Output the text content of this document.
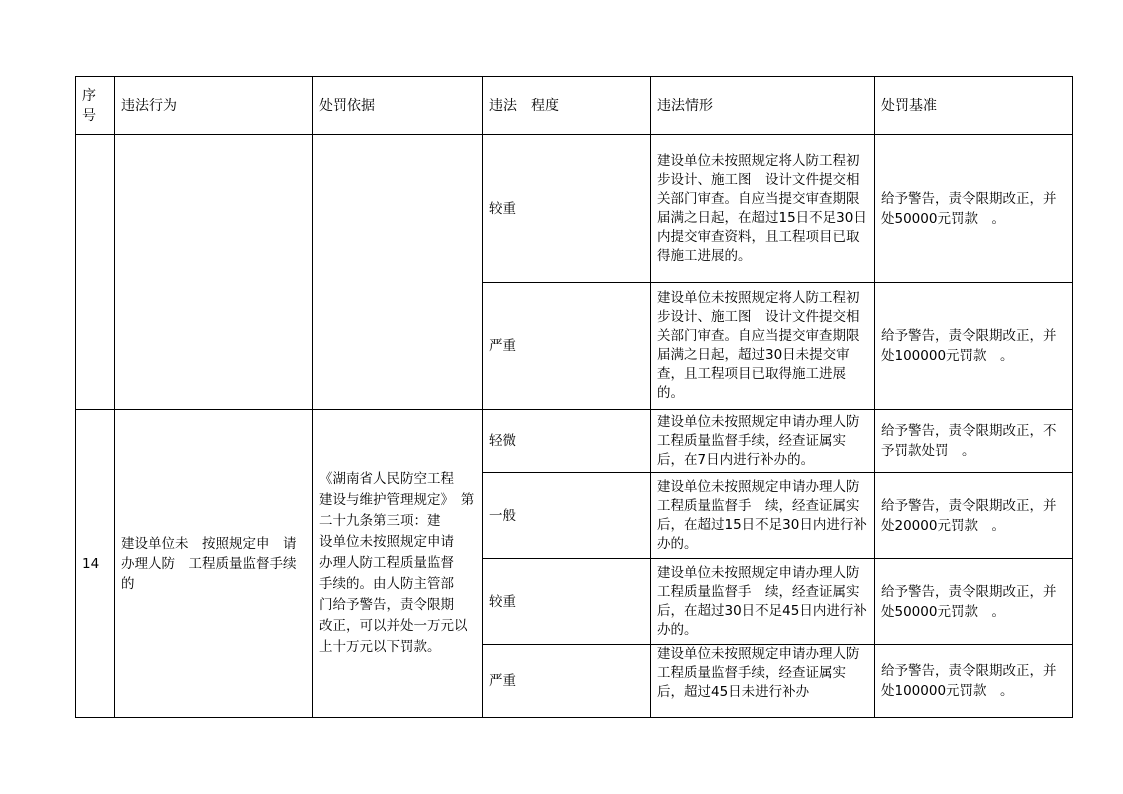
序号	违法行为	处罚依据	违法　程度	违法情形	处罚基准
			较重	建设单位未按照规定将人防工程初步设计、施工图　设计文件提交相关部门审查。自应当提交审查期限　届满之日起，在超过15日不足30日内提交审查资料，且工程项目已取得施工进展的。	给予警告，责令限期改正，并处50000元罚款　。
			严重	建设单位未按照规定将人防工程初步设计、施工图　设计文件提交相关部门审查。自应当提交审查期限　届满之日起，超过30日未提交审查，且工程项目已取得施工进展的。	给予警告，责令限期改正，并处100000元罚款　。
14	建设单位未　按照规定申　请办理人防　工程质量监督手续的	《湖南省人民防空工程　　建设与维护管理规定》　第二十九条第三项：建　　设单位未按照规定申请　办理人防工程质量监督　手续的。由人防主管部　　门给予警告，责令限期　　改正，可以并处一万元以上十万元以下罚款。	轻微	建设单位未按照规定申请办理人防工程质量监督手续，经查证属实后，在7日内进行补办的。	给予警告，责令限期改正，不予罚款处罚　。
			一般	建设单位未按照规定申请办理人防工程质量监督手　续，经查证属实后，在超过15日不足30日内进行补办的。	给予警告，责令限期改正，并处20000元罚款　。
			较重	建设单位未按照规定申请办理人防工程质量监督手　续，经查证属实后，在超过30日不足45日内进行补办的。	给予警告，责令限期改正，并处50000元罚款　。
			严重	建设单位未按照规定申请办理人防工程质量监督手续，经查证属实后，超过45日未进行补办	给予警告，责令限期改正，并处100000元罚款　。
